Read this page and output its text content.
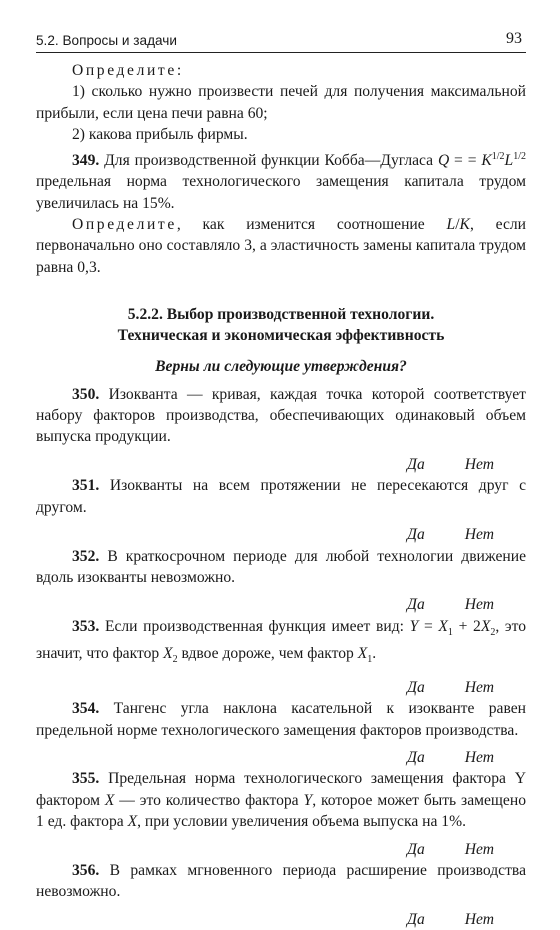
5.2. Вопросы и задачи	93

Определите:

1) сколько нужно произвести печей для получения максимальной прибыли, если цена печи равна 60;

2) какова прибыль фирмы.

349. Для производственной функции Кобба—Дугласа Q = = $K^{1/2}L^{1/2}$ предельная норма технологического замещения капитала трудом увеличилась на 15%.

Определите, как изменится соотношение L/K, если первоначально оно составляло 3, а эластичность замены капитала трудом равна 0,3.

5.2.2. Выбор производственной технологии.
Техническая и экономическая эффективность
Верны ли следующие утверждения?

350. Изокванта — кривая, каждая точка которой соответствует набору факторов производства, обеспечивающих одинаковый объем выпуска продукции.

Да	Нет

351. Изокванты на всем протяжении не пересекаются друг с другом.

Да	Нет

352. В краткосрочном периоде для любой технологии движение вдоль изокванты невозможно.

Да	Нет

353. Если производственная функция имеет вид: $Y = X_1 + 2X_2$, это значит, что фактор $X_2$ вдвое дороже, чем фактор $X_1$.

Да	Нет

354. Тангенс угла наклона касательной к изокванте равен предельной норме технологического замещения факторов производства.

Да	Нет

355. Предельная норма технологического замещения фактора Y фактором X — это количество фактора Y, которое может быть замещено 1 ед. фактора X, при условии увеличения объема выпуска на 1%.

Да	Нет

356. В рамках мгновенного периода расширение производства невозможно.

Да	Нет
